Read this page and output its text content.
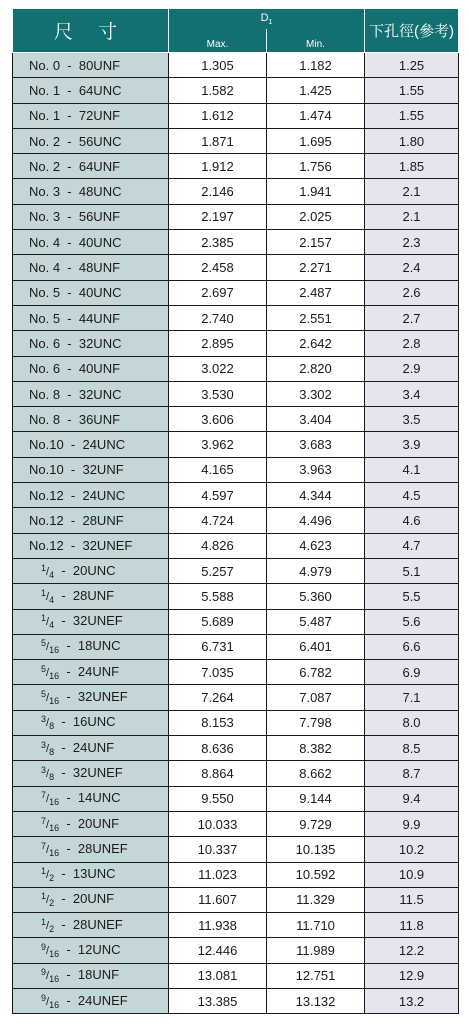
尺 寸	$D_1$		下孔徑(參考)
	Max.	Min.	
No. 0  -  80UNF	1.305	1.182	1.25
No. 1  -  64UNC	1.582	1.425	1.55
No. 1  -  72UNF	1.612	1.474	1.55
No. 2  -  56UNC	1.871	1.695	1.80
No. 2  -  64UNF	1.912	1.756	1.85
No. 3  -  48UNC	2.146	1.941	2.1
No. 3  -  56UNF	2.197	2.025	2.1
No. 4  -  40UNC	2.385	2.157	2.3
No. 4  -  48UNF	2.458	2.271	2.4
No. 5  -  40UNC	2.697	2.487	2.6
No. 5  -  44UNF	2.740	2.551	2.7
No. 6  -  32UNC	2.895	2.642	2.8
No. 6  -  40UNF	3.022	2.820	2.9
No. 8  -  32UNC	3.530	3.302	3.4
No. 8  -  36UNF	3.606	3.404	3.5
No.10  -  24UNC	3.962	3.683	3.9
No.10  -  32UNF	4.165	3.963	4.1
No.12  -  24UNC	4.597	4.344	4.5
No.12  -  28UNF	4.724	4.496	4.6
No.12  -  32UNEF	4.826	4.623	4.7
$^1/_4 - 20UNC$	5.257	4.979	5.1
$^1/_4 - 28UNF$	5.588	5.360	5.5
$^1/_4$  -  32UNEF	5.689	5.487	5.6
$^5/_{16} - 18UNC$	6.731	6.401	6.6
$^5/_{16} - 24UNF$	7.035	6.782	6.9
$^5/_{16}$  -  32UNEF	7.264	7.087	7.1
$^3/_8 - 16UNC$	8.153	7.798	8.0
$^3/_8 - 24UNF$	8.636	8.382	8.5
$^3/_8$  -  32UNEF	8.864	8.662	8.7
$^7/_{16} - 14UNC$	9.550	9.144	9.4
$^7/_{16} - 20UNF$	10.033	9.729	9.9
$^7/_{16}$  -  28UNEF	10.337	10.135	10.2
$^1/_2 - 13UNC$	11.023	10.592	10.9
$^1/_2 - 20UNF$	11.607	11.329	11.5
$^1/_2$  -  28UNEF	11.938	11.710	11.8
$^9/_{16} - 12UNC$	12.446	11.989	12.2
$^9/_{16} - 18UNF$	13.081	12.751	12.9
$^9/_{16}$  -  24UNEF	13.385	13.132	13.2
